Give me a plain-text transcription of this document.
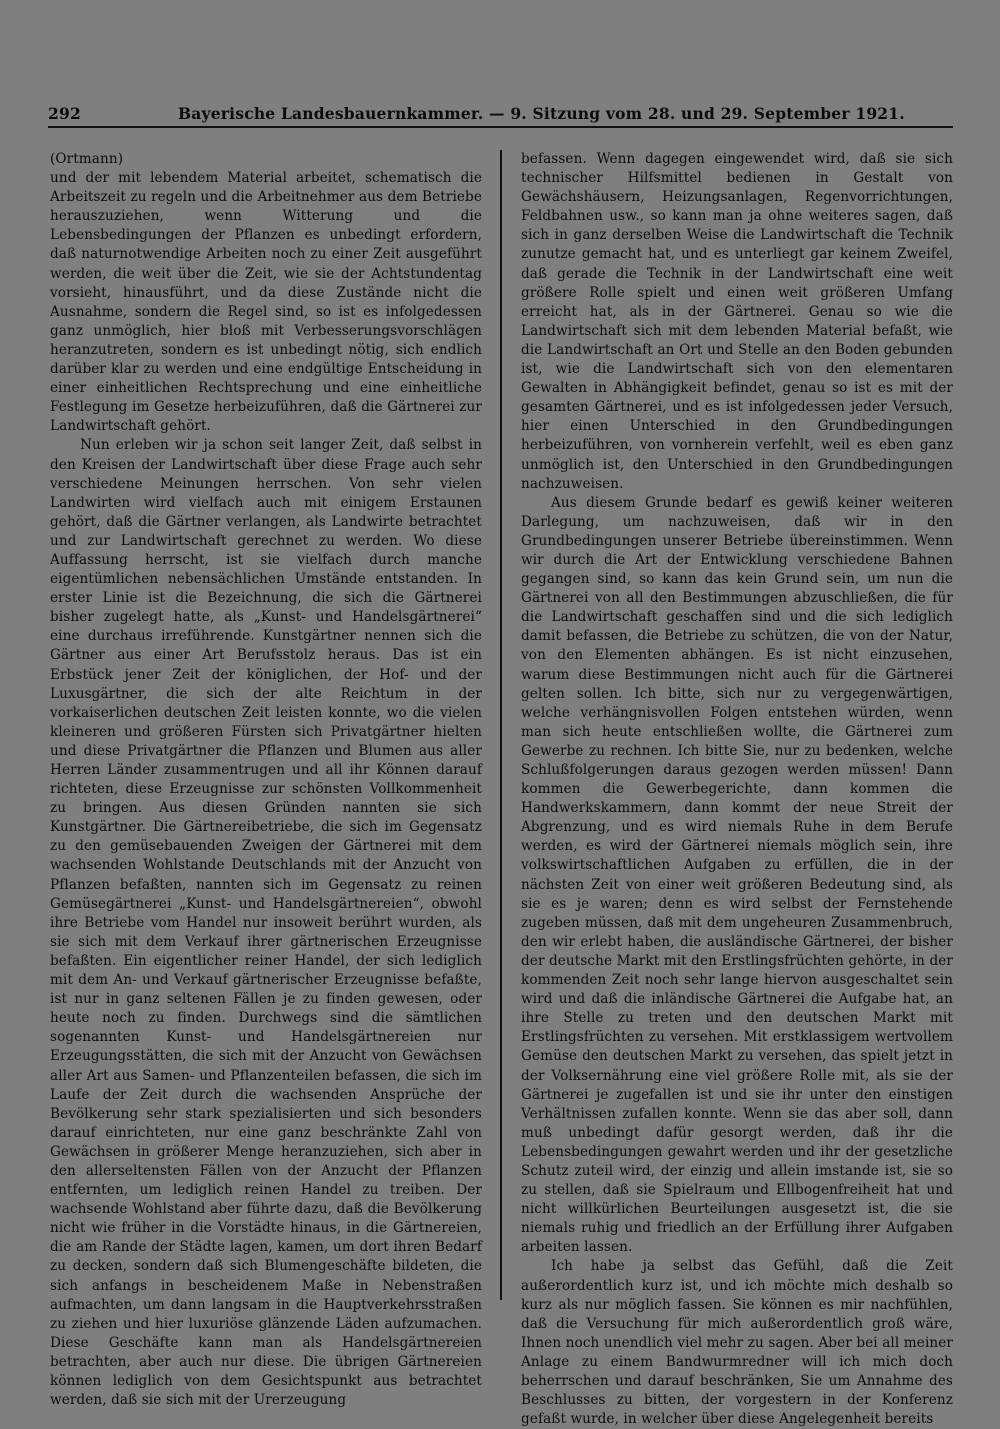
292	Bayerische Landesbauernkammer. — 9. Sitzung vom 28. und 29. September 1921.

(Ortmann)

und der mit lebendem Material arbeitet, schematisch die Arbeitszeit zu regeln und die Arbeitnehmer aus dem Betriebe herauszuziehen, wenn Witterung und die Lebensbedingungen der Pflanzen es unbedingt erfordern, daß naturnotwendige Arbeiten noch zu einer Zeit ausgeführt werden, die weit über die Zeit, wie sie der Achtstundentag vorsieht, hinausführt, und da diese Zustände nicht die Ausnahme, sondern die Regel sind, so ist es infolgedessen ganz unmöglich, hier bloß mit Verbesserungsvorschlägen heranzutreten, sondern es ist unbedingt nötig, sich endlich darüber klar zu werden und eine endgültige Entscheidung in einer einheitlichen Rechtsprechung und eine einheitliche Festlegung im Gesetze herbeizuführen, daß die Gärtnerei zur Landwirtschaft gehört.

Nun erleben wir ja schon seit langer Zeit, daß selbst in den Kreisen der Landwirtschaft über diese Frage auch sehr verschiedene Meinungen herrschen. Von sehr vielen Landwirten wird vielfach auch mit einigem Erstaunen gehört, daß die Gärtner verlangen, als Landwirte betrachtet und zur Landwirtschaft gerechnet zu werden. Wo diese Auffassung herrscht, ist sie vielfach durch manche eigentümlichen nebensächlichen Umstände entstanden. In erster Linie ist die Bezeichnung, die sich die Gärtnerei bisher zugelegt hatte, als „Kunst- und Handelsgärtnerei“ eine durchaus irreführende. Kunstgärtner nennen sich die Gärtner aus einer Art Berufsstolz heraus. Das ist ein Erbstück jener Zeit der königlichen, der Hof- und der Luxusgärtner, die sich der alte Reichtum in der vorkaiserlichen deutschen Zeit leisten konnte, wo die vielen kleineren und größeren Fürsten sich Privatgärtner hielten und diese Privatgärtner die Pflanzen und Blumen aus aller Herren Länder zusammentrugen und all ihr Können darauf richteten, diese Erzeugnisse zur schönsten Vollkommenheit zu bringen. Aus diesen Gründen nannten sie sich Kunstgärtner. Die Gärtnereibetriebe, die sich im Gegensatz zu den gemüsebauenden Zweigen der Gärtnerei mit dem wachsenden Wohlstande Deutschlands mit der Anzucht von Pflanzen befaßten, nannten sich im Gegensatz zu reinen Gemüsegärtnerei „Kunst- und Handelsgärtnereien“, obwohl ihre Betriebe vom Handel nur insoweit berührt wurden, als sie sich mit dem Verkauf ihrer gärtnerischen Erzeugnisse befaßten. Ein eigentlicher reiner Handel, der sich lediglich mit dem An- und Verkauf gärtnerischer Erzeugnisse befaßte, ist nur in ganz seltenen Fällen je zu finden gewesen, oder heute noch zu finden. Durchwegs sind die sämtlichen sogenannten Kunst- und Handelsgärtnereien nur Erzeugungsstätten, die sich mit der Anzucht von Gewächsen aller Art aus Samen- und Pflanzenteilen befassen, die sich im Laufe der Zeit durch die wachsenden Ansprüche der Bevölkerung sehr stark spezialisierten und sich besonders darauf einrichteten, nur eine ganz beschränkte Zahl von Gewächsen in größerer Menge heranzuziehen, sich aber in den allerseltensten Fällen von der Anzucht der Pflanzen entfernten, um lediglich reinen Handel zu treiben. Der wachsende Wohlstand aber führte dazu, daß die Bevölkerung nicht wie früher in die Vorstädte hinaus, in die Gärtnereien, die am Rande der Städte lagen, kamen, um dort ihren Bedarf zu decken, sondern daß sich Blumengeschäfte bildeten, die sich anfangs in bescheidenem Maße in Nebenstraßen aufmachten, um dann langsam in die Hauptverkehrsstraßen zu ziehen und hier luxuriöse glänzende Läden aufzumachen. Diese Geschäfte kann man als Handelsgärtnereien betrachten, aber auch nur diese. Die übrigen Gärtnereien können lediglich von dem Gesichtspunkt aus betrachtet werden, daß sie sich mit der Urerzeugung

befassen. Wenn dagegen eingewendet wird, daß sie sich technischer Hilfsmittel bedienen in Gestalt von Gewächshäusern, Heizungsanlagen, Regenvorrichtungen, Feldbahnen usw., so kann man ja ohne weiteres sagen, daß sich in ganz derselben Weise die Landwirtschaft die Technik zunutze gemacht hat, und es unterliegt gar keinem Zweifel, daß gerade die Technik in der Landwirtschaft eine weit größere Rolle spielt und einen weit größeren Umfang erreicht hat, als in der Gärtnerei. Genau so wie die Landwirtschaft sich mit dem lebenden Material befaßt, wie die Landwirtschaft an Ort und Stelle an den Boden gebunden ist, wie die Landwirtschaft sich von den elementaren Gewalten in Abhängigkeit befindet, genau so ist es mit der gesamten Gärtnerei, und es ist infolgedessen jeder Versuch, hier einen Unterschied in den Grundbedingungen herbeizuführen, von vornherein verfehlt, weil es eben ganz unmöglich ist, den Unterschied in den Grundbedingungen nachzuweisen.

Aus diesem Grunde bedarf es gewiß keiner weiteren Darlegung, um nachzuweisen, daß wir in den Grundbedingungen unserer Betriebe übereinstimmen. Wenn wir durch die Art der Entwicklung verschiedene Bahnen gegangen sind, so kann das kein Grund sein, um nun die Gärtnerei von all den Bestimmungen abzuschließen, die für die Landwirtschaft geschaffen sind und die sich lediglich damit befassen, die Betriebe zu schützen, die von der Natur, von den Elementen abhängen. Es ist nicht einzusehen, warum diese Bestimmungen nicht auch für die Gärtnerei gelten sollen. Ich bitte, sich nur zu vergegenwärtigen, welche verhängnisvollen Folgen entstehen würden, wenn man sich heute entschließen wollte, die Gärtnerei zum Gewerbe zu rechnen. Ich bitte Sie, nur zu bedenken, welche Schlußfolgerungen daraus gezogen werden müssen! Dann kommen die Gewerbegerichte, dann kommen die Handwerkskammern, dann kommt der neue Streit der Abgrenzung, und es wird niemals Ruhe in dem Berufe werden, es wird der Gärtnerei niemals möglich sein, ihre volkswirtschaftlichen Aufgaben zu erfüllen, die in der nächsten Zeit von einer weit größeren Bedeutung sind, als sie es je waren; denn es wird selbst der Fernstehende zugeben müssen, daß mit dem ungeheuren Zusammenbruch, den wir erlebt haben, die ausländische Gärtnerei, der bisher der deutsche Markt mit den Erstlingsfrüchten gehörte, in der kommenden Zeit noch sehr lange hiervon ausgeschaltet sein wird und daß die inländische Gärtnerei die Aufgabe hat, an ihre Stelle zu treten und den deutschen Markt mit Erstlingsfrüchten zu versehen. Mit erstklassigem wertvollem Gemüse den deutschen Markt zu versehen, das spielt jetzt in der Volksernährung eine viel größere Rolle mit, als sie der Gärtnerei je zugefallen ist und sie ihr unter den einstigen Verhältnissen zufallen konnte. Wenn sie das aber soll, dann muß unbedingt dafür gesorgt werden, daß ihr die Lebensbedingungen gewahrt werden und ihr der gesetzliche Schutz zuteil wird, der einzig und allein imstande ist, sie so zu stellen, daß sie Spielraum und Ellbogenfreiheit hat und nicht willkürlichen Beurteilungen ausgesetzt ist, die sie niemals ruhig und friedlich an der Erfüllung ihrer Aufgaben arbeiten lassen.

Ich habe ja selbst das Gefühl, daß die Zeit außerordentlich kurz ist, und ich möchte mich deshalb so kurz als nur möglich fassen. Sie können es mir nachfühlen, daß die Versuchung für mich außerordentlich groß wäre, Ihnen noch unendlich viel mehr zu sagen. Aber bei all meiner Anlage zu einem Bandwurmredner will ich mich doch beherrschen und darauf beschränken, Sie um Annahme des Beschlusses zu bitten, der vorgestern in der Konferenz gefaßt wurde, in welcher über diese Angelegenheit bereits
